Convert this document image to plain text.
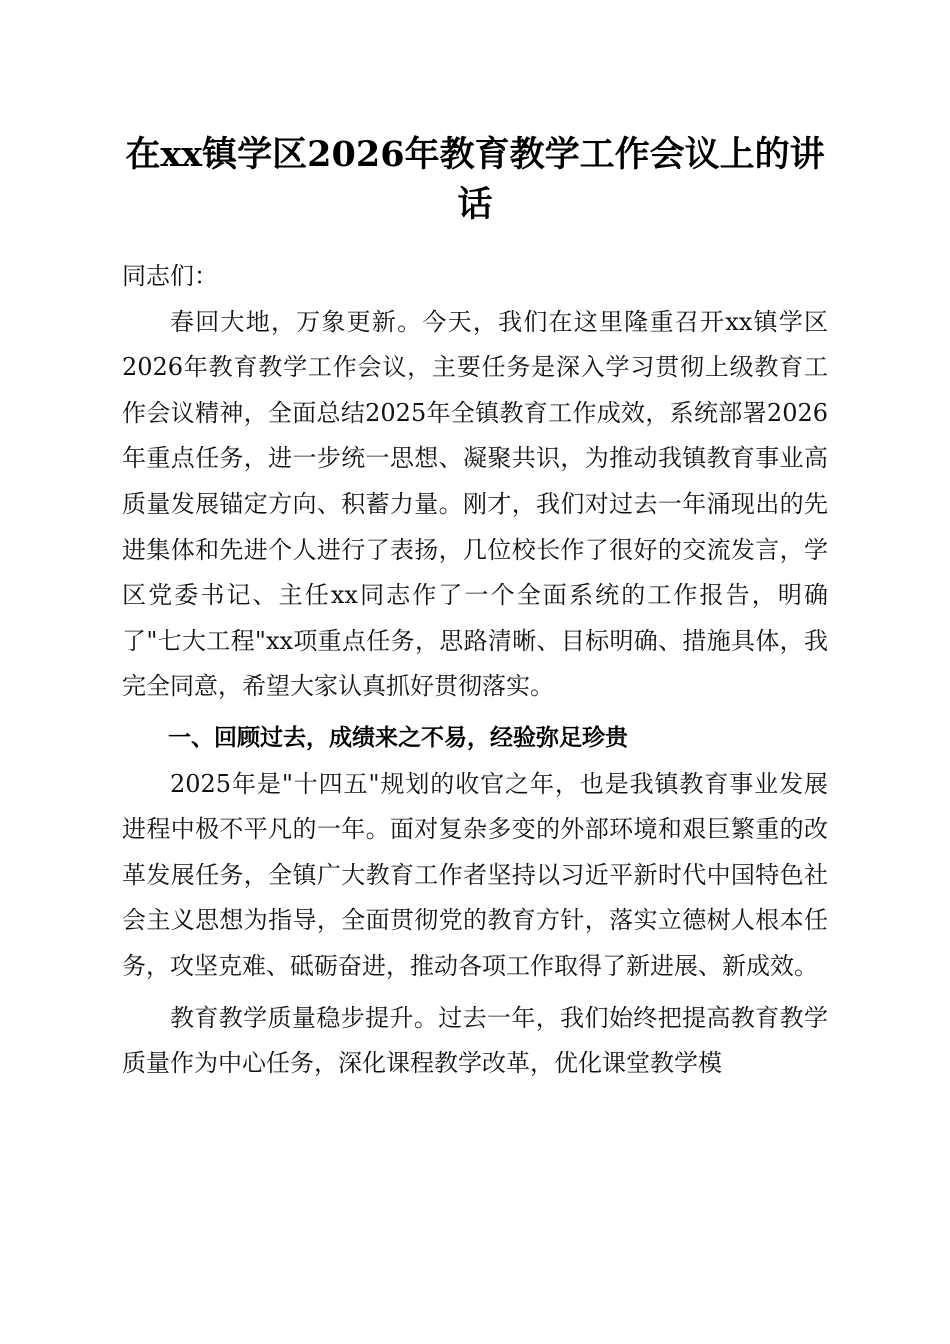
在xx镇学区2026年教育教学工作会议上的讲话

同志们：

春回大地，万象更新。今天，我们在这里隆重召开xx镇学区2026年教育教学工作会议，主要任务是深入学习贯彻上级教育工作会议精神，全面总结2025年全镇教育工作成效，系统部署2026年重点任务，进一步统一思想、凝聚共识，为推动我镇教育事业高质量发展锚定方向、积蓄力量。刚才，我们对过去一年涌现出的先进集体和先进个人进行了表扬，几位校长作了很好的交流发言，学区党委书记、主任xx同志作了一个全面系统的工作报告，明确了"七大工程"xx项重点任务，思路清晰、目标明确、措施具体，我完全同意，希望大家认真抓好贯彻落实。

一、回顾过去，成绩来之不易，经验弥足珍贵

2025年是"十四五"规划的收官之年，也是我镇教育事业发展进程中极不平凡的一年。面对复杂多变的外部环境和艰巨繁重的改革发展任务，全镇广大教育工作者坚持以习近平新时代中国特色社会主义思想为指导，全面贯彻党的教育方针，落实立德树人根本任务，攻坚克难、砥砺奋进，推动各项工作取得了新进展、新成效。

教育教学质量稳步提升。过去一年，我们始终把提高教育教学质量作为中心任务，深化课程教学改革，优化课堂教学模
